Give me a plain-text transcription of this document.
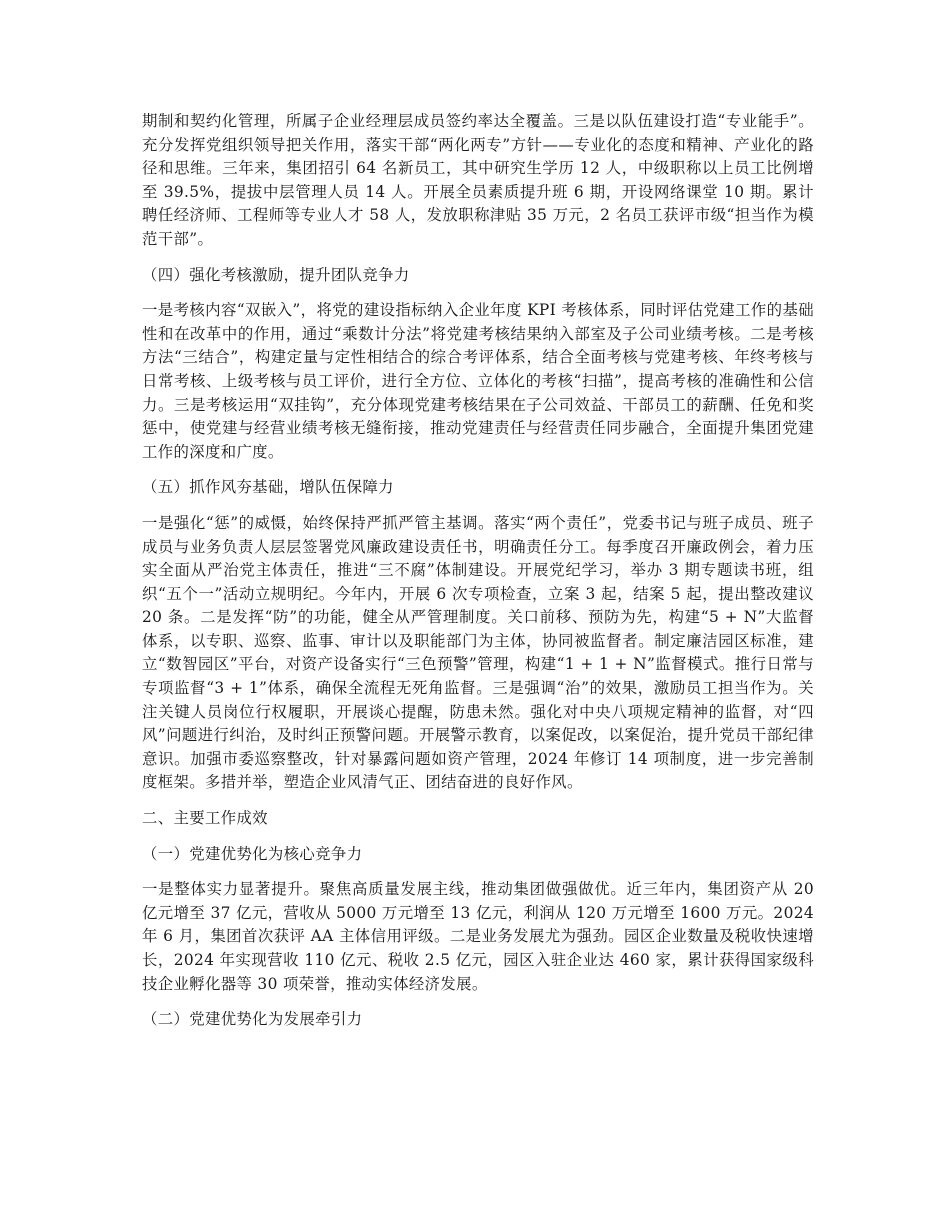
期制和契约化管理，所属子企业经理层成员签约率达全覆盖。三是以队伍建设打造“专业能手”。充分发挥党组织领导把关作用，落实干部“两化两专”方针——专业化的态度和精神、产业化的路径和思维。三年来，集团招引 64 名新员工，其中研究生学历 12 人，中级职称以上员工比例增至 39.5%，提拔中层管理人员 14 人。开展全员素质提升班 6 期，开设网络课堂 10 期。累计聘任经济师、工程师等专业人才 58 人，发放职称津贴 35 万元，2 名员工获评市级“担当作为模范干部”。

（四）强化考核激励，提升团队竞争力

一是考核内容“双嵌入”，将党的建设指标纳入企业年度 KPI 考核体系，同时评估党建工作的基础性和在改革中的作用，通过“乘数计分法”将党建考核结果纳入部室及子公司业绩考核。二是考核方法“三结合”，构建定量与定性相结合的综合考评体系，结合全面考核与党建考核、年终考核与日常考核、上级考核与员工评价，进行全方位、立体化的考核“扫描”，提高考核的准确性和公信力。三是考核运用“双挂钩”，充分体现党建考核结果在子公司效益、干部员工的薪酬、任免和奖惩中，使党建与经营业绩考核无缝衔接，推动党建责任与经营责任同步融合，全面提升集团党建工作的深度和广度。

（五）抓作风夯基础，增队伍保障力

一是强化“惩”的威慑，始终保持严抓严管主基调。落实“两个责任”，党委书记与班子成员、班子成员与业务负责人层层签署党风廉政建设责任书，明确责任分工。每季度召开廉政例会，着力压实全面从严治党主体责任，推进“三不腐”体制建设。开展党纪学习，举办 3 期专题读书班，组织“五个一”活动立规明纪。今年内，开展 6 次专项检查，立案 3 起，结案 5 起，提出整改建议 20 条。二是发挥“防”的功能，健全从严管理制度。关口前移、预防为先，构建“5 + N”大监督体系，以专职、巡察、监事、审计以及职能部门为主体，协同被监督者。制定廉洁园区标准，建立“数智园区”平台，对资产设备实行“三色预警”管理，构建“1 + 1 + N”监督模式。推行日常与专项监督“3 + 1”体系，确保全流程无死角监督。三是强调“治”的效果，激励员工担当作为。关注关键人员岗位行权履职，开展谈心提醒，防患未然。强化对中央八项规定精神的监督，对“四风”问题进行纠治，及时纠正预警问题。开展警示教育，以案促改，以案促治，提升党员干部纪律意识。加强市委巡察整改，针对暴露问题如资产管理，2024 年修订 14 项制度，进一步完善制度框架。多措并举，塑造企业风清气正、团结奋进的良好作风。

二、主要工作成效

（一）党建优势化为核心竞争力

一是整体实力显著提升。聚焦高质量发展主线，推动集团做强做优。近三年内，集团资产从 20 亿元增至 37 亿元，营收从 5000 万元增至 13 亿元，利润从 120 万元增至 1600 万元。2024 年 6 月，集团首次获评 AA 主体信用评级。二是业务发展尤为强劲。园区企业数量及税收快速增长，2024 年实现营收 110 亿元、税收 2.5 亿元，园区入驻企业达 460 家，累计获得国家级科技企业孵化器等 30 项荣誉，推动实体经济发展。

（二）党建优势化为发展牵引力
